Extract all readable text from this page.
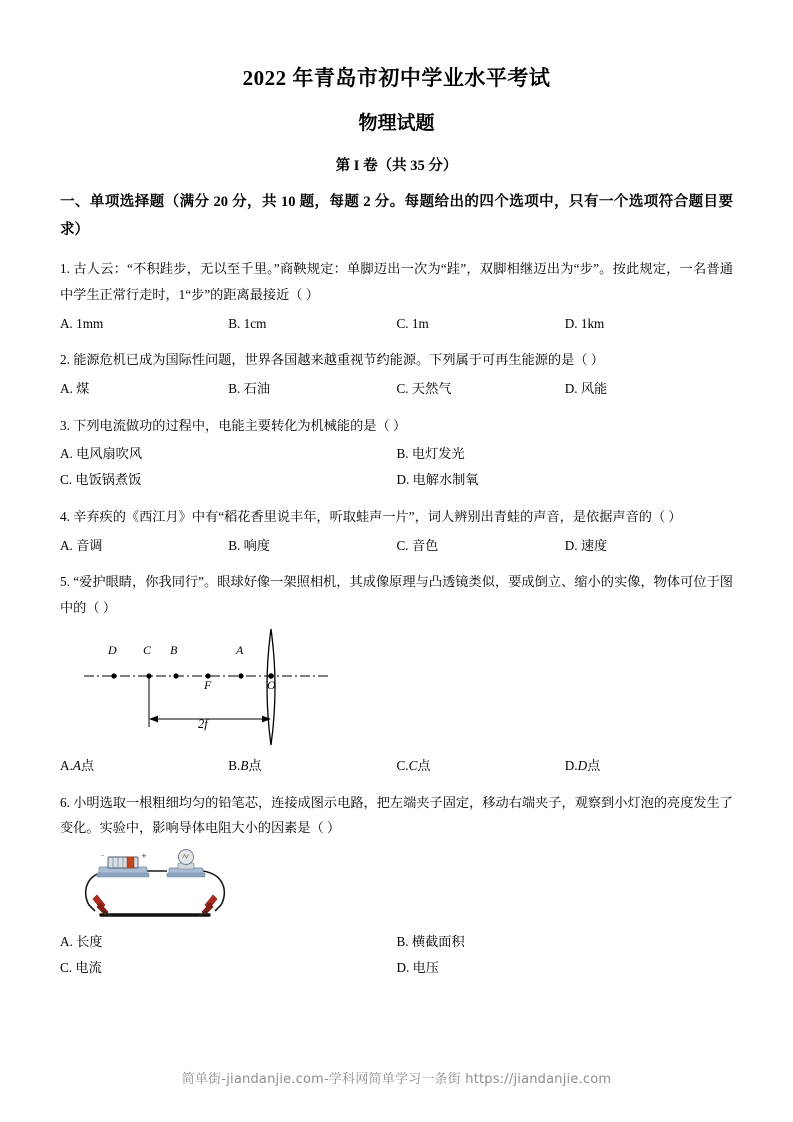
2022 年青岛市初中学业水平考试
物理试题
第 I 卷（共 35 分）
一、单项选择题（满分 20 分，共 10 题，每题 2 分。每题给出的四个选项中，只有一个选项符合题目要求）

1. 古人云：“不积跬步，无以至千里。”商鞅规定：单脚迈出一次为“跬”，双脚相继迈出为“步”。按此规定，一名普通中学生正常行走时，1“步”的距离最接近（ ）

A. 1mm	B. 1cm	C. 1m	D. 1km

2. 能源危机已成为国际性问题，世界各国越来越重视节约能源。下列属于可再生能源的是（ ）

A. 煤	B. 石油	C. 天然气	D. 风能

3. 下列电流做功的过程中，电能主要转化为机械能的是（ ）

A. 电风扇吹风	B. 电灯发光
C. 电饭锅煮饭	D. 电解水制氧

4. 辛弃疾的《西江月》中有“稻花香里说丰年，听取蛙声一片”，词人辨别出青蛙的声音，是依据声音的（ ）

A. 音调	B. 响度	C. 音色	D. 速度

5. “爱护眼睛，你我同行”。眼球好像一架照相机，其成像原理与凸透镜类似，要成倒立、缩小的实像，物体可位于图中的（ ）

D C B
F
A
O
2f
A.A点	B.B点	C.C点	D.D点

6. 小明选取一根粗细均匀的铅笔芯，连接成图示电路，把左端夹子固定，移动右端夹子，观察到小灯泡的亮度发生了变化。实验中，影响导体电阻大小的因素是（ ）

–	+
A. 长度	B. 横截面积
C. 电流	D. 电压
简单街-jiandanjie.com-学科网简单学习一条街 https://jiandanjie.com
